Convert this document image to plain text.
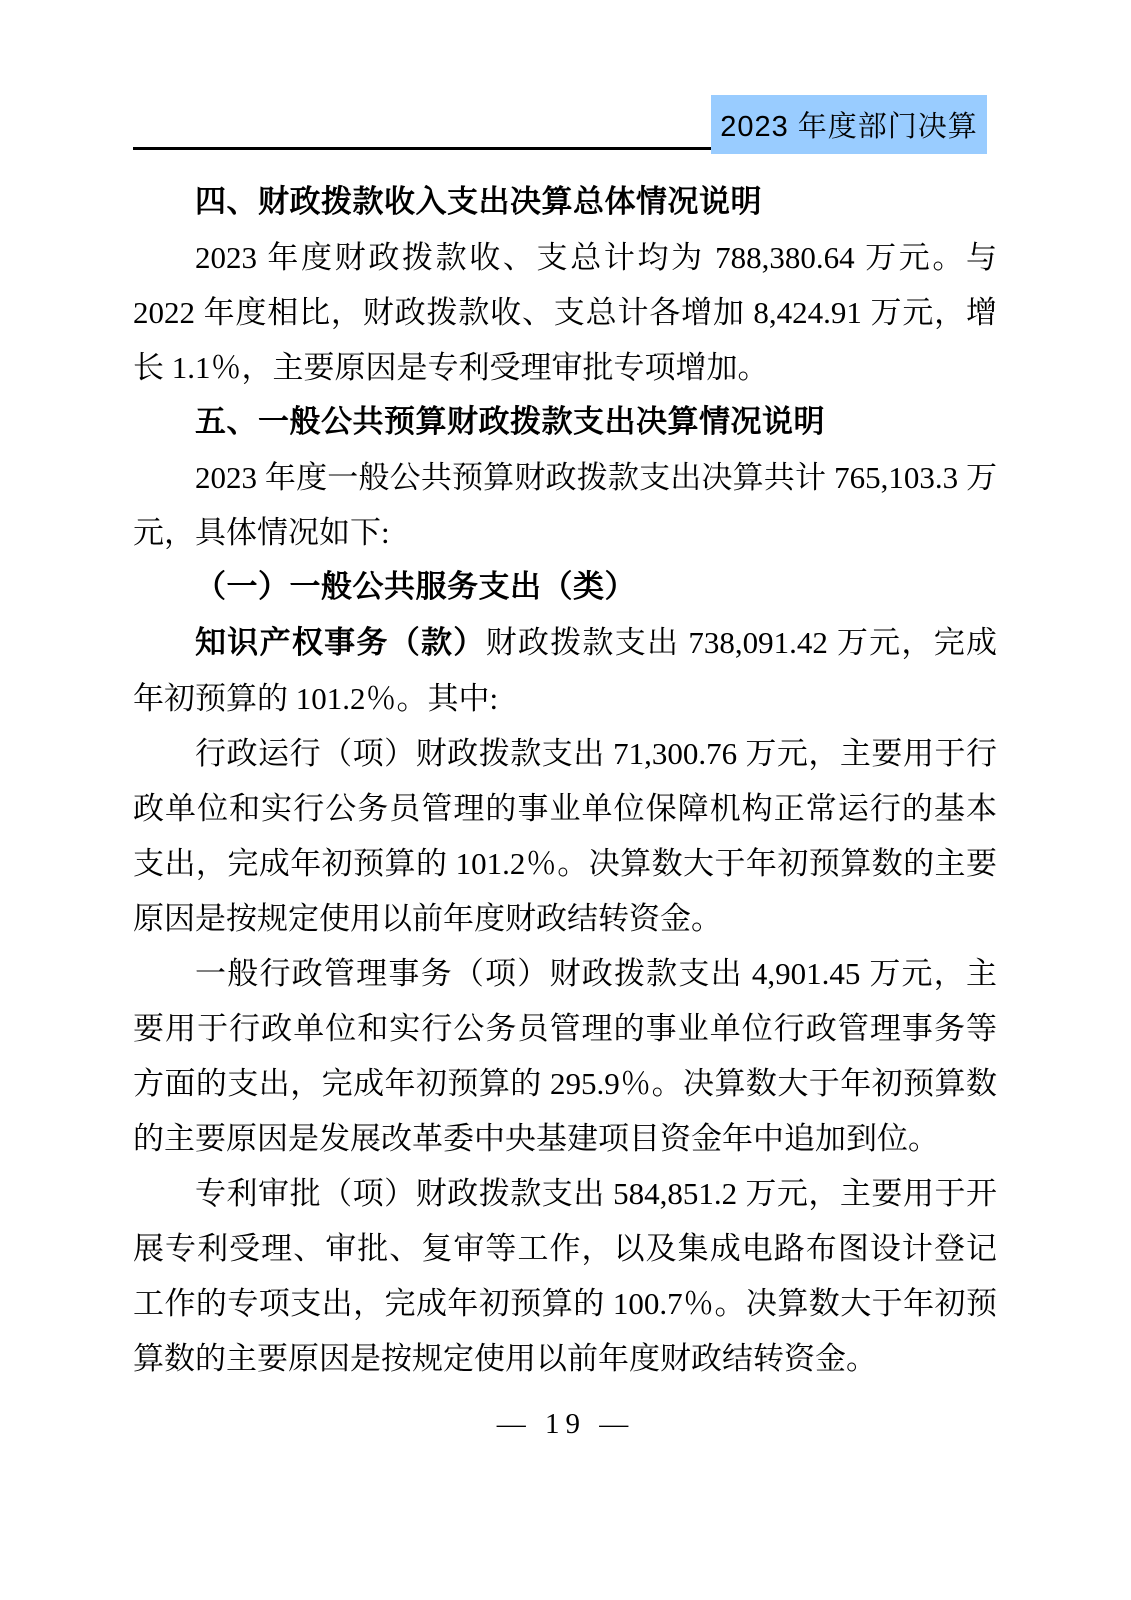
2023 年度部门决算

四、财政拨款收入支出决算总体情况说明

2023 年度财政拨款收、支总计均为 788,380.64 万元。与 2022 年度相比，财政拨款收、支总计各增加 8,424.91 万元，增长 1.1％，主要原因是专利受理审批专项增加。

五、一般公共预算财政拨款支出决算情况说明

2023 年度一般公共预算财政拨款支出决算共计 765,103.3 万元，具体情况如下:

（一）一般公共服务支出（类）

知识产权事务（款）财政拨款支出 738,091.42 万元，完成年初预算的 101.2％。其中:

行政运行（项）财政拨款支出 71,300.76 万元，主要用于行政单位和实行公务员管理的事业单位保障机构正常运行的基本支出，完成年初预算的 101.2％。决算数大于年初预算数的主要原因是按规定使用以前年度财政结转资金。

一般行政管理事务（项）财政拨款支出 4,901.45 万元，主要用于行政单位和实行公务员管理的事业单位行政管理事务等方面的支出，完成年初预算的 295.9％。决算数大于年初预算数的主要原因是发展改革委中央基建项目资金年中追加到位。

专利审批（项）财政拨款支出 584,851.2 万元，主要用于开展专利受理、审批、复审等工作，以及集成电路布图设计登记工作的专项支出，完成年初预算的 100.7％。决算数大于年初预算数的主要原因是按规定使用以前年度财政结转资金。

— 19 —
